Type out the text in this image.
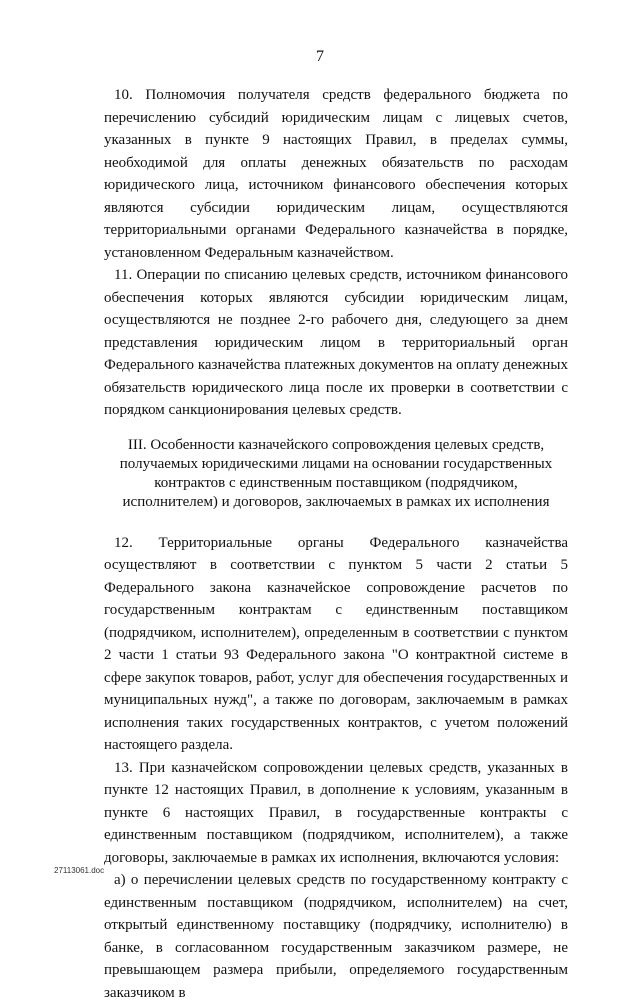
7

10. Полномочия получателя средств федерального бюджета по перечислению субсидий юридическим лицам с лицевых счетов, указанных в пункте 9 настоящих Правил, в пределах суммы, необходимой для оплаты денежных обязательств по расходам юридического лица, источником финансового обеспечения которых являются субсидии юридическим лицам, осуществляются территориальными органами Федерального казначейства в порядке, установленном Федеральным казначейством.

11. Операции по списанию целевых средств, источником финансового обеспечения которых являются субсидии юридическим лицам, осуществляются не позднее 2-го рабочего дня, следующего за днем представления юридическим лицом в территориальный орган Федерального казначейства платежных документов на оплату денежных обязательств юридического лица после их проверки в соответствии с порядком санкционирования целевых средств.

III. Особенности казначейского сопровождения целевых средств, получаемых юридическими лицами на основании государственных контрактов с единственным поставщиком (подрядчиком, исполнителем) и договоров, заключаемых в рамках их исполнения

12. Территориальные органы Федерального казначейства осуществляют в соответствии с пунктом 5 части 2 статьи 5 Федерального закона казначейское сопровождение расчетов по государственным контрактам с единственным поставщиком (подрядчиком, исполнителем), определенным в соответствии с пунктом 2 части 1 статьи 93 Федерального закона "О контрактной системе в сфере закупок товаров, работ, услуг для обеспечения государственных и муниципальных нужд", а также по договорам, заключаемым в рамках исполнения таких государственных контрактов, с учетом положений настоящего раздела.

13. При казначейском сопровождении целевых средств, указанных в пункте 12 настоящих Правил, в дополнение к условиям, указанным в пункте 6 настоящих Правил, в государственные контракты с единственным поставщиком (подрядчиком, исполнителем), а также договоры, заключаемые в рамках их исполнения, включаются условия:

а) о перечислении целевых средств по государственному контракту с единственным поставщиком (подрядчиком, исполнителем) на счет, открытый единственному поставщику (подрядчику, исполнителю) в банке, в согласованном государственным заказчиком размере, не превышающем размера прибыли, определяемого государственным заказчиком в

27113061.doc
